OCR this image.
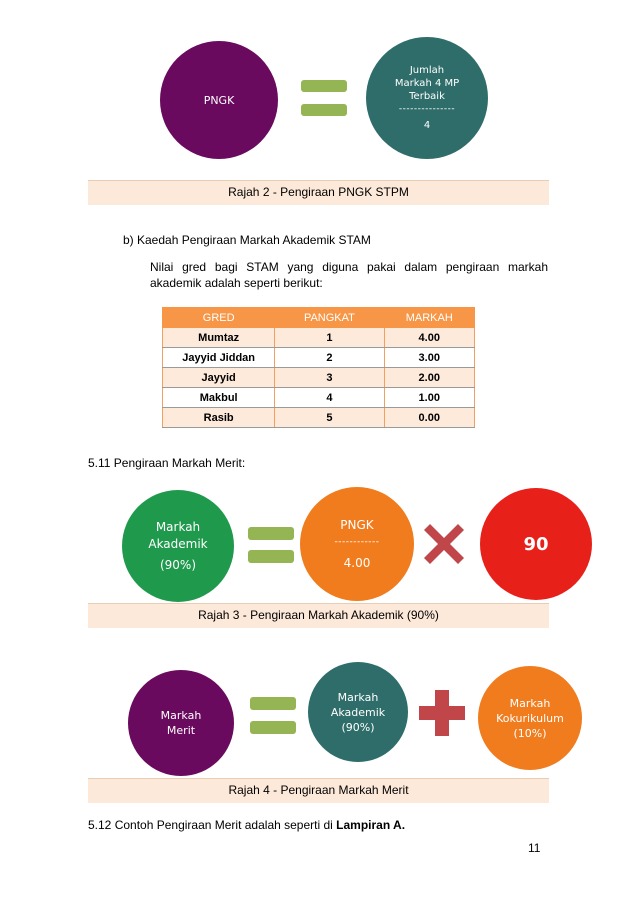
PNGK
Jumlah
Markah 4 MP
Terbaik
---------------
4
Rajah 2 - Pengiraan PNGK STPM
b) Kaedah Pengiraan Markah Akademik STAM
Nilai gred bagi STAM yang diguna pakai dalam pengiraan markah
akademik adalah seperti berikut:
GRED	PANGKAT	MARKAH
Mumtaz	1	4.00
Jayyid Jiddan	2	3.00
Jayyid	3	2.00
Makbul	4	1.00
Rasib	5	0.00
5.11 Pengiraan Markah Merit:
Markah
Akademik
(90%)
PNGK
------------
4.00
90
Rajah 3 - Pengiraan Markah Akademik (90%)
Markah
Merit
Markah
Akademik
(90%)
Markah
Kokurikulum
(10%)
Rajah 4 - Pengiraan Markah Merit
5.12 Contoh Pengiraan Merit adalah seperti di Lampiran A.
11
